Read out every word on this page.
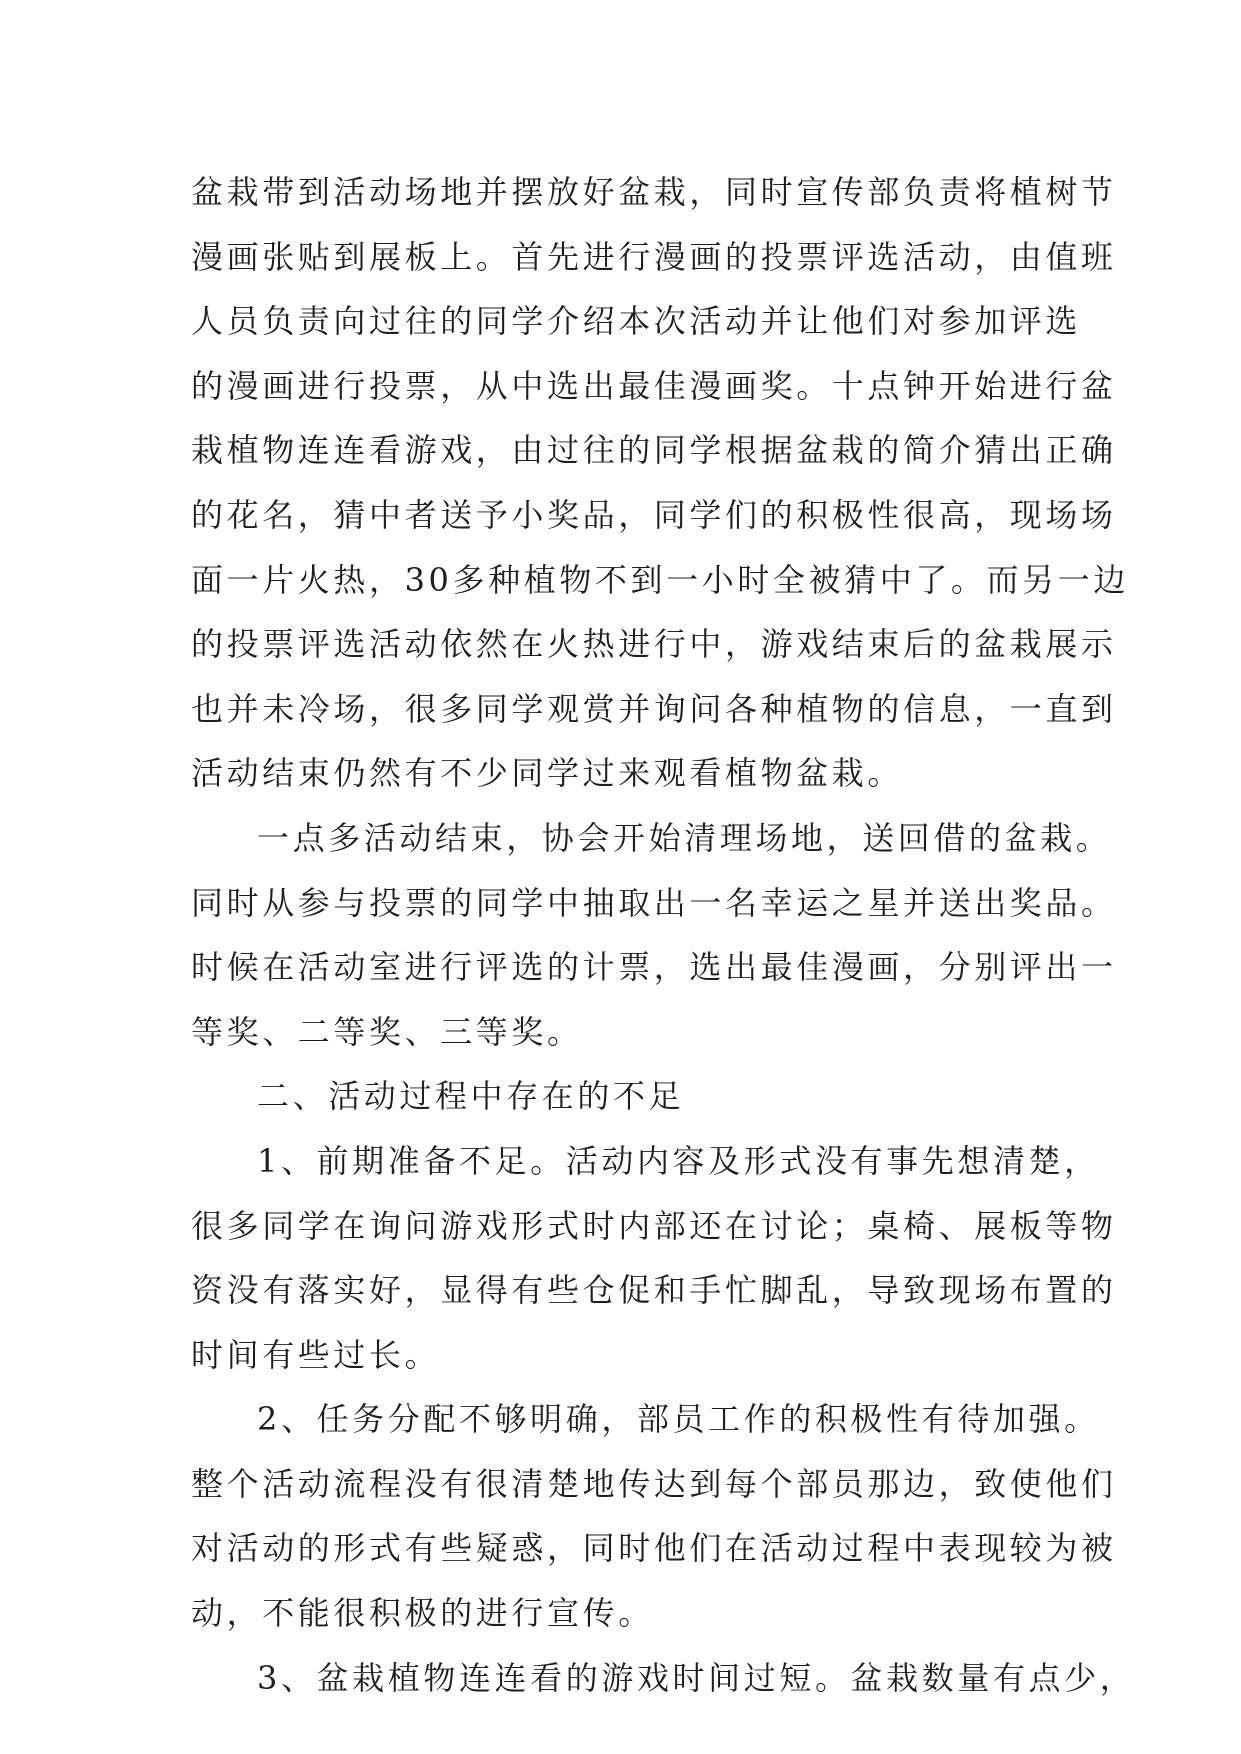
盆栽带到活动场地并摆放好盆栽，同时宣传部负责将植树节
漫画张贴到展板上。首先进行漫画的投票评选活动，由值班
人员负责向过往的同学介绍本次活动并让他们对参加评选
的漫画进行投票，从中选出最佳漫画奖。十点钟开始进行盆
栽植物连连看游戏，由过往的同学根据盆栽的简介猜出正确
的花名，猜中者送予小奖品，同学们的积极性很高，现场场
面一片火热，30多种植物不到一小时全被猜中了。而另一边
的投票评选活动依然在火热进行中，游戏结束后的盆栽展示
也并未冷场，很多同学观赏并询问各种植物的信息，一直到
活动结束仍然有不少同学过来观看植物盆栽。
一点多活动结束，协会开始清理场地，送回借的盆栽。
同时从参与投票的同学中抽取出一名幸运之星并送出奖品。
时候在活动室进行评选的计票，选出最佳漫画，分别评出一
等奖、二等奖、三等奖。
二、活动过程中存在的不足
1、前期准备不足。活动内容及形式没有事先想清楚，
很多同学在询问游戏形式时内部还在讨论；桌椅、展板等物
资没有落实好，显得有些仓促和手忙脚乱，导致现场布置的
时间有些过长。
2、任务分配不够明确，部员工作的积极性有待加强。
整个活动流程没有很清楚地传达到每个部员那边，致使他们
对活动的形式有些疑惑，同时他们在活动过程中表现较为被
动，不能很积极的进行宣传。
3、盆栽植物连连看的游戏时间过短。盆栽数量有点少，
